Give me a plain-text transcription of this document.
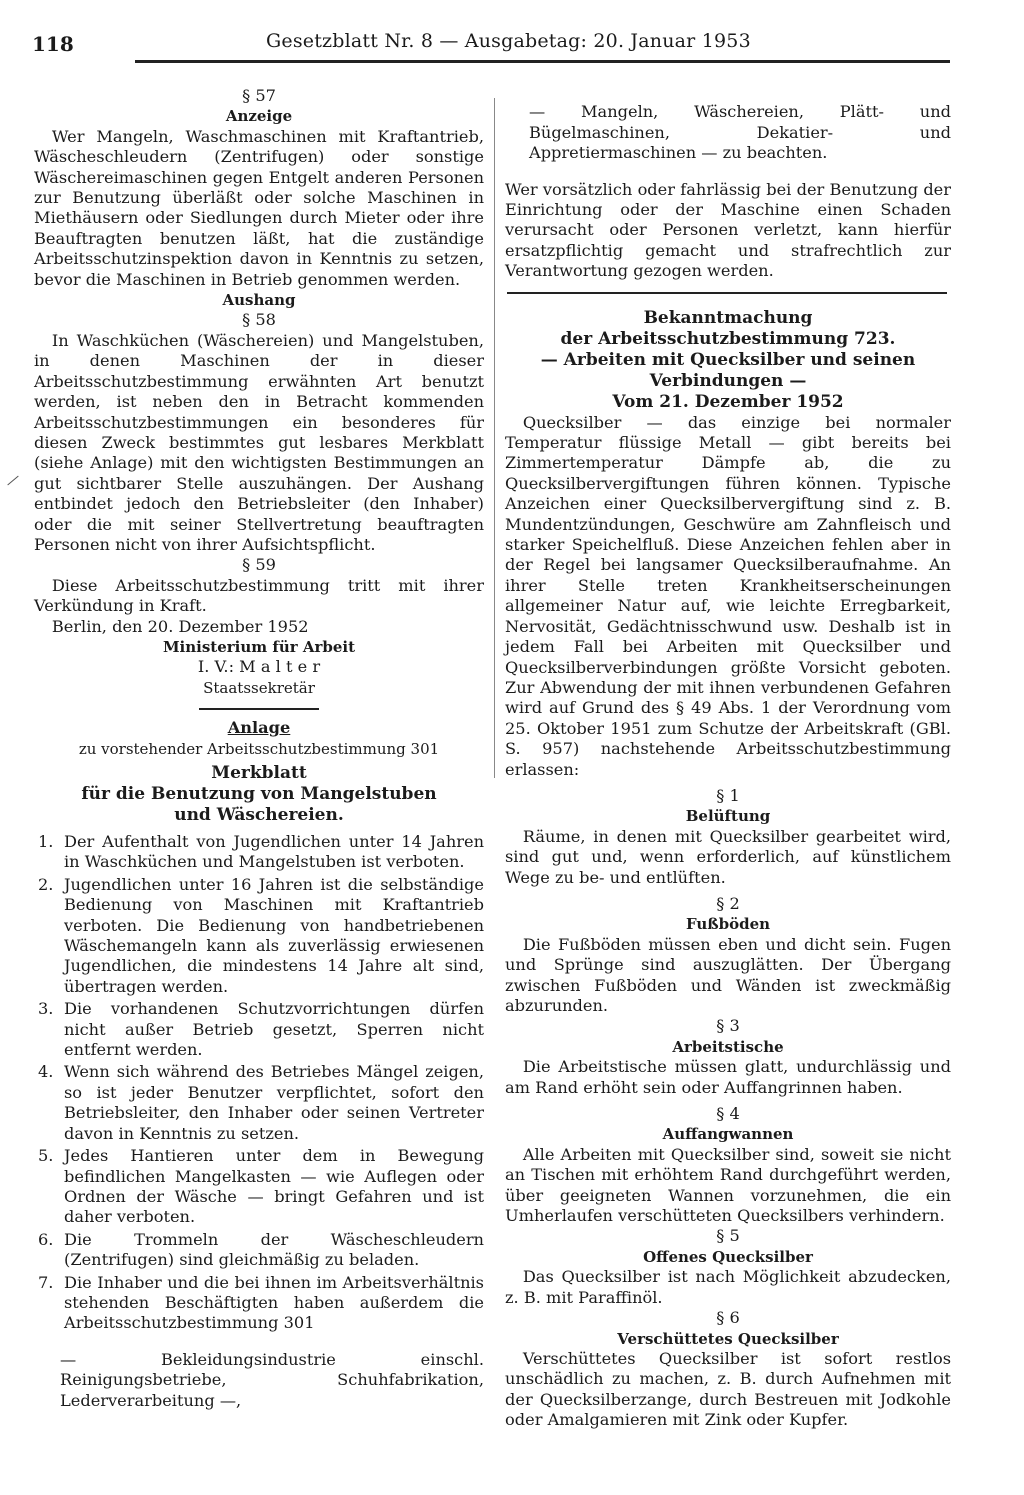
118	Gesetzblatt Nr. 8 — Ausgabetag: 20. Januar 1953

§ 57

Anzeige

Wer Mangeln, Waschmaschinen mit Kraftantrieb, Wäscheschleudern (Zentrifugen) oder sonstige Wäschereimaschinen gegen Entgelt anderen Personen zur Benutzung überläßt oder solche Maschinen in Miethäusern oder Siedlungen durch Mieter oder ihre Beauftragten benutzen läßt, hat die zuständige Arbeitsschutzinspektion davon in Kenntnis zu setzen, bevor die Maschinen in Betrieb genommen werden.

Aushang

§ 58

In Waschküchen (Wäschereien) und Mangelstuben, in denen Maschinen der in dieser Arbeitsschutzbestimmung erwähnten Art benutzt werden, ist neben den in Betracht kommenden Arbeitsschutzbestimmungen ein besonderes für diesen Zweck bestimmtes gut lesbares Merkblatt (siehe Anlage) mit den wichtigsten Bestimmungen an gut sichtbarer Stelle auszuhängen. Der Aushang entbindet jedoch den Betriebsleiter (den Inhaber) oder die mit seiner Stellvertretung beauftragten Personen nicht von ihrer Aufsichtspflicht.

§ 59

Diese Arbeitsschutzbestimmung tritt mit ihrer Verkündung in Kraft.

Berlin, den 20. Dezember 1952

Ministerium für Arbeit

I. V.: M a l t e r

Staatssekretär

Anlage

zu vorstehender Arbeitsschutzbestimmung 301

Merkblatt

für die Benutzung von Mangelstuben

und Wäschereien.

1. Der Aufenthalt von Jugendlichen unter 14 Jahren in Waschküchen und Mangelstuben ist verboten.
2. Jugendlichen unter 16 Jahren ist die selbständige Bedienung von Maschinen mit Kraftantrieb verboten. Die Bedienung von handbetriebenen Wäschemangeln kann als zuverlässig erwiesenen Jugendlichen, die mindestens 14 Jahre alt sind, übertragen werden.
3. Die vorhandenen Schutzvorrichtungen dürfen nicht außer Betrieb gesetzt, Sperren nicht entfernt werden.
4. Wenn sich während des Betriebes Mängel zeigen, so ist jeder Benutzer verpflichtet, sofort den Betriebsleiter, den Inhaber oder seinen Vertreter davon in Kenntnis zu setzen.
5. Jedes Hantieren unter dem in Bewegung befindlichen Mangelkasten — wie Auflegen oder Ordnen der Wäsche — bringt Gefahren und ist daher verboten.
6. Die Trommeln der Wäscheschleudern (Zentrifugen) sind gleichmäßig zu beladen.
7. Die Inhaber und die bei ihnen im Arbeitsverhältnis stehenden Beschäftigten haben außerdem die Arbeitsschutzbestimmung 301

— Bekleidungsindustrie einschl. Reinigungsbetriebe, Schuhfabrikation, Lederverarbeitung —,

— Mangeln, Wäschereien, Plätt- und Bügelmaschinen, Dekatier- und Appretiermaschinen — zu beachten.

Wer vorsätzlich oder fahrlässig bei der Benutzung der Einrichtung oder der Maschine einen Schaden verursacht oder Personen verletzt, kann hierfür ersatzpflichtig gemacht und strafrechtlich zur Verantwortung gezogen werden.

Bekanntmachung

der Arbeitsschutzbestimmung 723.

— Arbeiten mit Quecksilber und seinen

Verbindungen —

Vom 21. Dezember 1952

Quecksilber — das einzige bei normaler Temperatur flüssige Metall — gibt bereits bei Zimmertemperatur Dämpfe ab, die zu Quecksilbervergiftungen führen können. Typische Anzeichen einer Quecksilbervergiftung sind z. B. Mundentzündungen, Geschwüre am Zahnfleisch und starker Speichelfluß. Diese Anzeichen fehlen aber in der Regel bei langsamer Quecksilberaufnahme. An ihrer Stelle treten Krankheitserscheinungen allgemeiner Natur auf, wie leichte Erregbarkeit, Nervosität, Gedächtnisschwund usw. Deshalb ist in jedem Fall bei Arbeiten mit Quecksilber und Quecksilberverbindungen größte Vorsicht geboten. Zur Abwendung der mit ihnen verbundenen Gefahren wird auf Grund des § 49 Abs. 1 der Verordnung vom 25. Oktober 1951 zum Schutze der Arbeitskraft (GBl. S. 957) nachstehende Arbeitsschutzbestimmung erlassen:

§ 1

Belüftung

Räume, in denen mit Quecksilber gearbeitet wird, sind gut und, wenn erforderlich, auf künstlichem Wege zu be- und entlüften.

§ 2

Fußböden

Die Fußböden müssen eben und dicht sein. Fugen und Sprünge sind auszuglätten. Der Übergang zwischen Fußböden und Wänden ist zweckmäßig abzurunden.

§ 3

Arbeitstische

Die Arbeitstische müssen glatt, undurchlässig und am Rand erhöht sein oder Auffangrinnen haben.

§ 4

Auffangwannen

Alle Arbeiten mit Quecksilber sind, soweit sie nicht an Tischen mit erhöhtem Rand durchgeführt werden, über geeigneten Wannen vorzunehmen, die ein Umherlaufen verschütteten Quecksilbers verhindern.

§ 5

Offenes Quecksilber

Das Quecksilber ist nach Möglichkeit abzudecken, z. B. mit Paraffinöl.

§ 6

Verschüttetes Quecksilber

Verschüttetes Quecksilber ist sofort restlos unschädlich zu machen, z. B. durch Aufnehmen mit der Quecksilberzange, durch Bestreuen mit Jodkohle oder Amalgamieren mit Zink oder Kupfer.
